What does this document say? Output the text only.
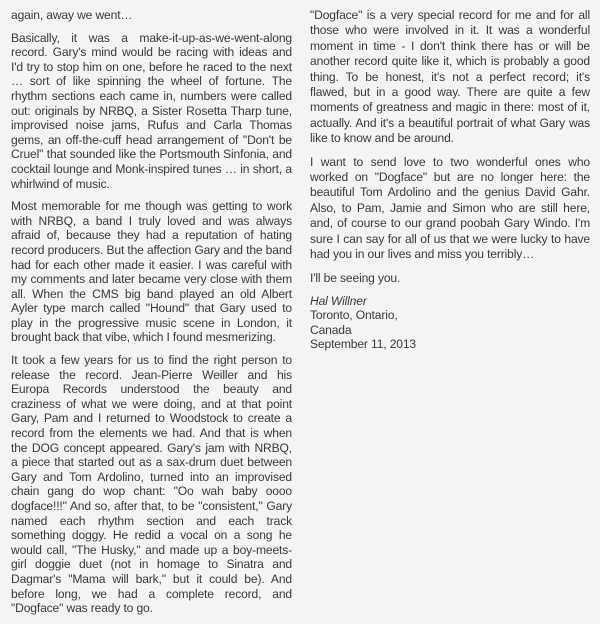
again, away we went…

Basically, it was a make-it-up-as-we-went-along record. Gary's mind would be racing with ideas and I'd try to stop him on one, before he raced to the next … sort of like spinning the wheel of fortune. The rhythm sections each came in, numbers were called out: originals by NRBQ, a Sister Rosetta Tharp tune, improvised noise jams, Rufus and Carla Thomas gems, an off-the-cuff head arrangement of "Don't be Cruel" that sounded like the Portsmouth Sinfonia, and cocktail lounge and Monk-inspired tunes … in short, a whirlwind of music.

Most memorable for me though was getting to work with NRBQ, a band I truly loved and was always afraid of, because they had a reputation of hating record producers. But the affection Gary and the band had for each other made it easier. I was careful with my comments and later became very close with them all. When the CMS big band played an old Albert Ayler type march called "Hound" that Gary used to play in the progressive music scene in London, it brought back that vibe, which I found mesmerizing.

It took a few years for us to find the right person to release the record. Jean-Pierre Weiller and his Europa Records understood the beauty and craziness of what we were doing, and at that point Gary, Pam and I returned to Woodstock to create a record from the elements we had. And that is when the DOG concept appeared. Gary's jam with NRBQ, a piece that started out as a sax-drum duet between Gary and Tom Ardolino, turned into an improvised chain gang do wop chant: "Oo wah baby oooo dogface!!!" And so, after that, to be "consistent," Gary named each rhythm section and each track something doggy. He redid a vocal on a song he would call, "The Husky," and made up a boy-meets-girl doggie duet (not in homage to Sinatra and Dagmar's "Mama will bark," but it could be). And before long, we had a complete record, and "Dogface" was ready to go.

"Dogface" is a very special record for me and for all those who were involved in it. It was a wonderful moment in time - I don't think there has or will be another record quite like it, which is probably a good thing. To be honest, it's not a perfect record; it's flawed, but in a good way. There are quite a few moments of greatness and magic in there: most of it, actually. And it's a beautiful portrait of what Gary was like to know and be around.

I want to send love to two wonderful ones who worked on "Dogface" but are no longer here: the beautiful Tom Ardolino and the genius David Gahr. Also, to Pam, Jamie and Simon who are still here, and, of course to our grand poobah Gary Windo. I'm sure I can say for all of us that we were lucky to have had you in our lives and miss you terribly…

I'll be seeing you.

Hal Willner
Toronto, Ontario,
Canada
September 11, 2013
